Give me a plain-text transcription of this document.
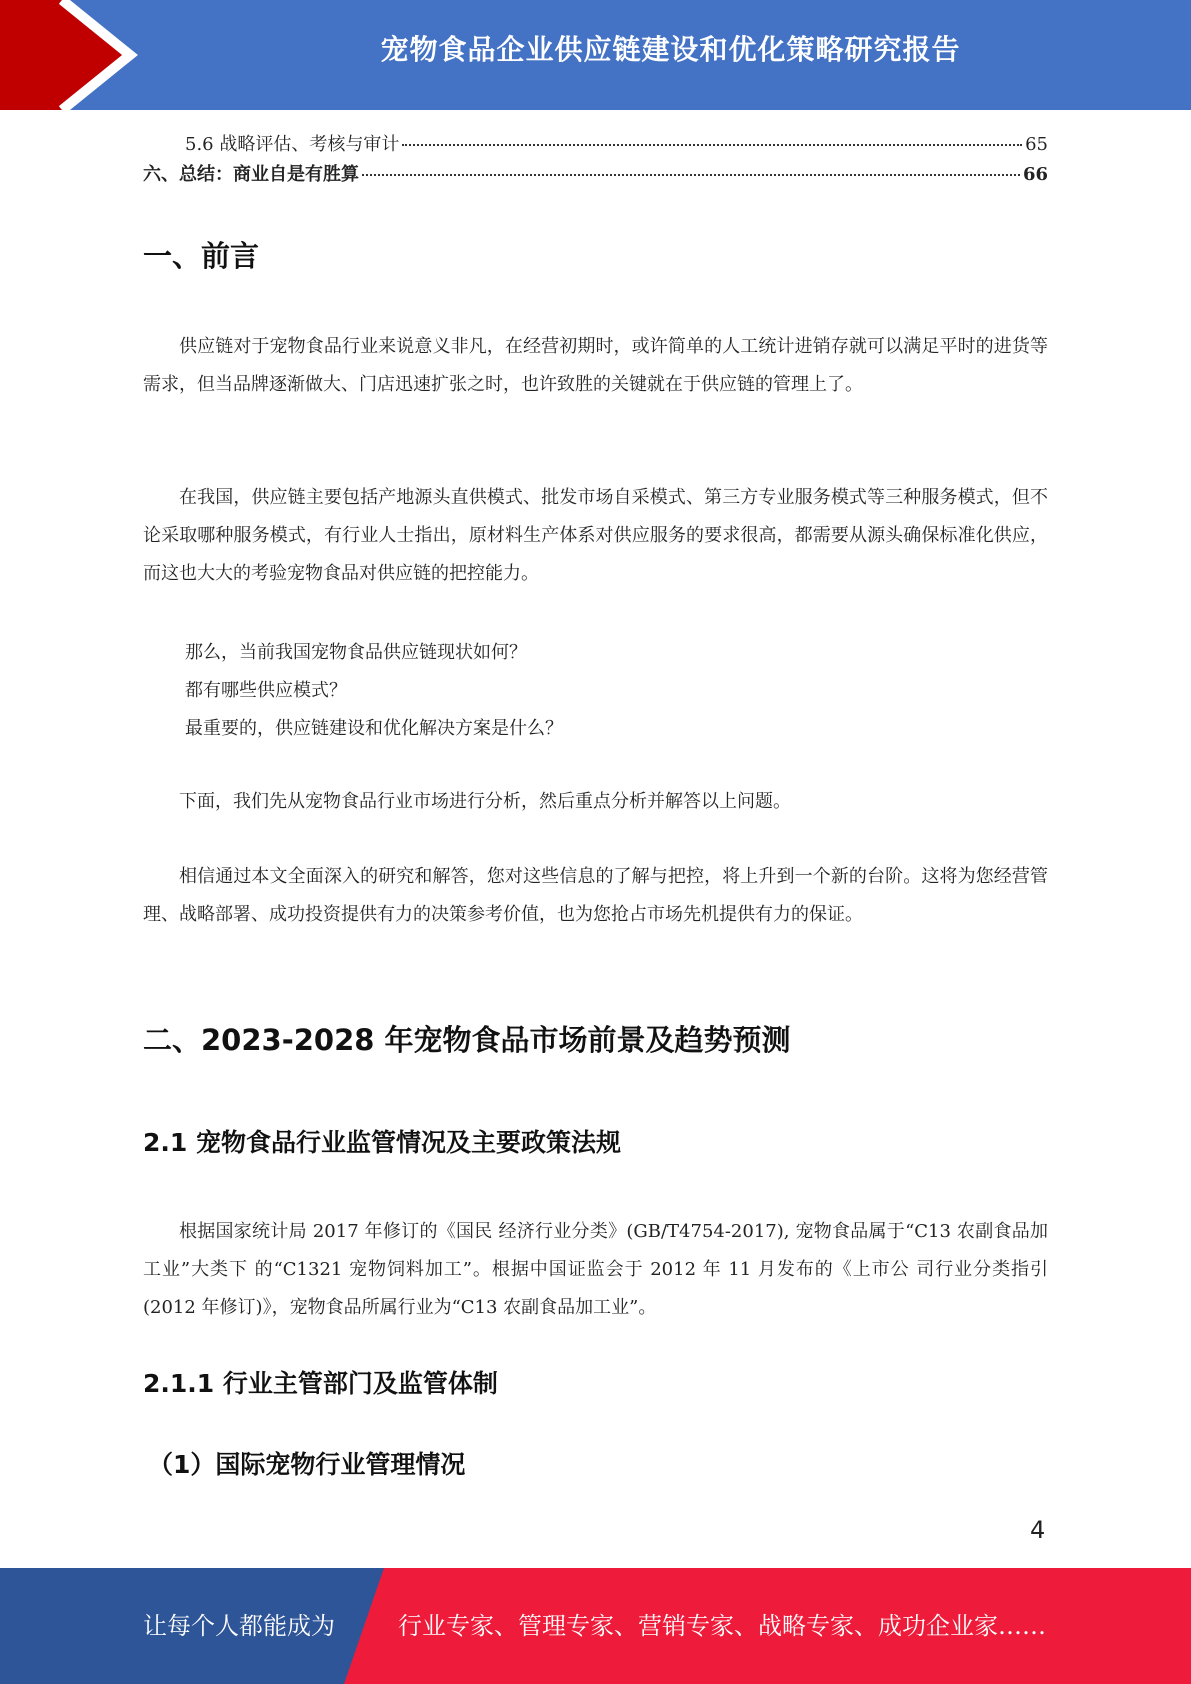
宠物食品企业供应链建设和优化策略研究报告
5.6 战略评估、考核与审计	65
六、总结：商业自是有胜算	66
一、前言

供应链对于宠物食品行业来说意义非凡，在经营初期时，或许简单的人工统计进销存就可以满足平时的进货等需求，但当品牌逐渐做大、门店迅速扩张之时，也许致胜的关键就在于供应链的管理上了。

在我国，供应链主要包括产地源头直供模式、批发市场自采模式、第三方专业服务模式等三种服务模式，但不论采取哪种服务模式，有行业人士指出，原材料生产体系对供应服务的要求很高，都需要从源头确保标准化供应，而这也大大的考验宠物食品对供应链的把控能力。

那么，当前我国宠物食品供应链现状如何？

都有哪些供应模式？

最重要的，供应链建设和优化解决方案是什么？

下面，我们先从宠物食品行业市场进行分析，然后重点分析并解答以上问题。

相信通过本文全面深入的研究和解答，您对这些信息的了解与把控，将上升到一个新的台阶。这将为您经营管理、战略部署、成功投资提供有力的决策参考价值，也为您抢占市场先机提供有力的保证。

二、2023-2028 年宠物食品市场前景及趋势预测
2.1 宠物食品行业监管情况及主要政策法规

根据国家统计局 2017 年修订的《国民 经济行业分类》(GB/T4754-2017), 宠物食品属于“C13 农副食品加工业”大类下 的“C1321 宠物饲料加工”。根据中国证监会于 2012 年 11 月发布的《上市公 司行业分类指引(2012 年修订)》，宠物食品所属行业为“C13 农副食品加工业”。

2.1.1 行业主管部门及监管体制
（1）国际宠物行业管理情况
4
让每个人都能成为	行业专家、管理专家、营销专家、战略专家、成功企业家……
